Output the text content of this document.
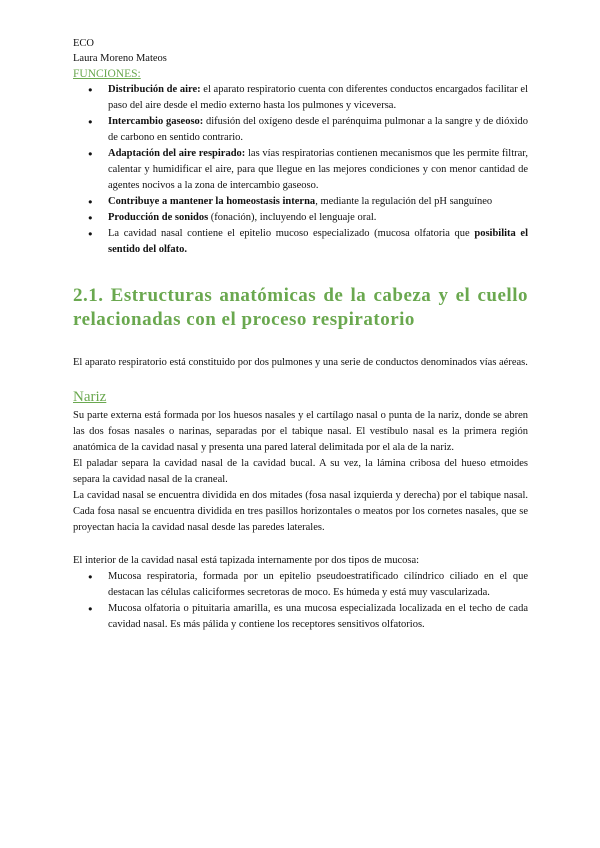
ECO
Laura Moreno Mateos
FUNCIONES:
● Distribución de aire: el aparato respiratorio cuenta con diferentes conductos encargados facilitar el paso del aire desde el medio externo hasta los pulmones y viceversa.
● Intercambio gaseoso: difusión del oxígeno desde el parénquima pulmonar a la sangre y de dióxido de carbono en sentido contrario.
● Adaptación del aire respirado: las vías respiratorias contienen mecanismos que les permite filtrar, calentar y humidificar el aire, para que llegue en las mejores condiciones y con menor cantidad de agentes nocivos a la zona de intercambio gaseoso.
● Contribuye a mantener la homeostasis interna, mediante la regulación del pH sanguíneo
● Producción de sonidos (fonación), incluyendo el lenguaje oral.
● La cavidad nasal contiene el epitelio mucoso especializado (mucosa olfatoria que posibilita el sentido del olfato.
2.1. Estructuras anatómicas de la cabeza y el cuello relacionadas con el proceso respiratorio

El aparato respiratorio está constituido por dos pulmones y una serie de conductos denominados vías aéreas.

Nariz

Su parte externa está formada por los huesos nasales y el cartílago nasal o punta de la nariz, donde se abren las dos fosas nasales o narinas, separadas por el tabique nasal. El vestíbulo nasal es la primera región anatómica de la cavidad nasal y presenta una pared lateral delimitada por el ala de la nariz.

El paladar separa la cavidad nasal de la cavidad bucal. A su vez, la lámina cribosa del hueso etmoides separa la cavidad nasal de la craneal.

La cavidad nasal se encuentra dividida en dos mitades (fosa nasal izquierda y derecha) por el tabique nasal. Cada fosa nasal se encuentra dividida en tres pasillos horizontales o meatos por los cornetes nasales, que se proyectan hacia la cavidad nasal desde las paredes laterales.

El interior de la cavidad nasal está tapizada internamente por dos tipos de mucosa:

● Mucosa respiratoria, formada por un epitelio pseudoestratificado cilíndrico ciliado en el que destacan las células caliciformes secretoras de moco. Es húmeda y está muy vascularizada.
● Mucosa olfatoria o pituitaria amarilla, es una mucosa especializada localizada en el techo de cada cavidad nasal. Es más pálida y contiene los receptores sensitivos olfatorios.
